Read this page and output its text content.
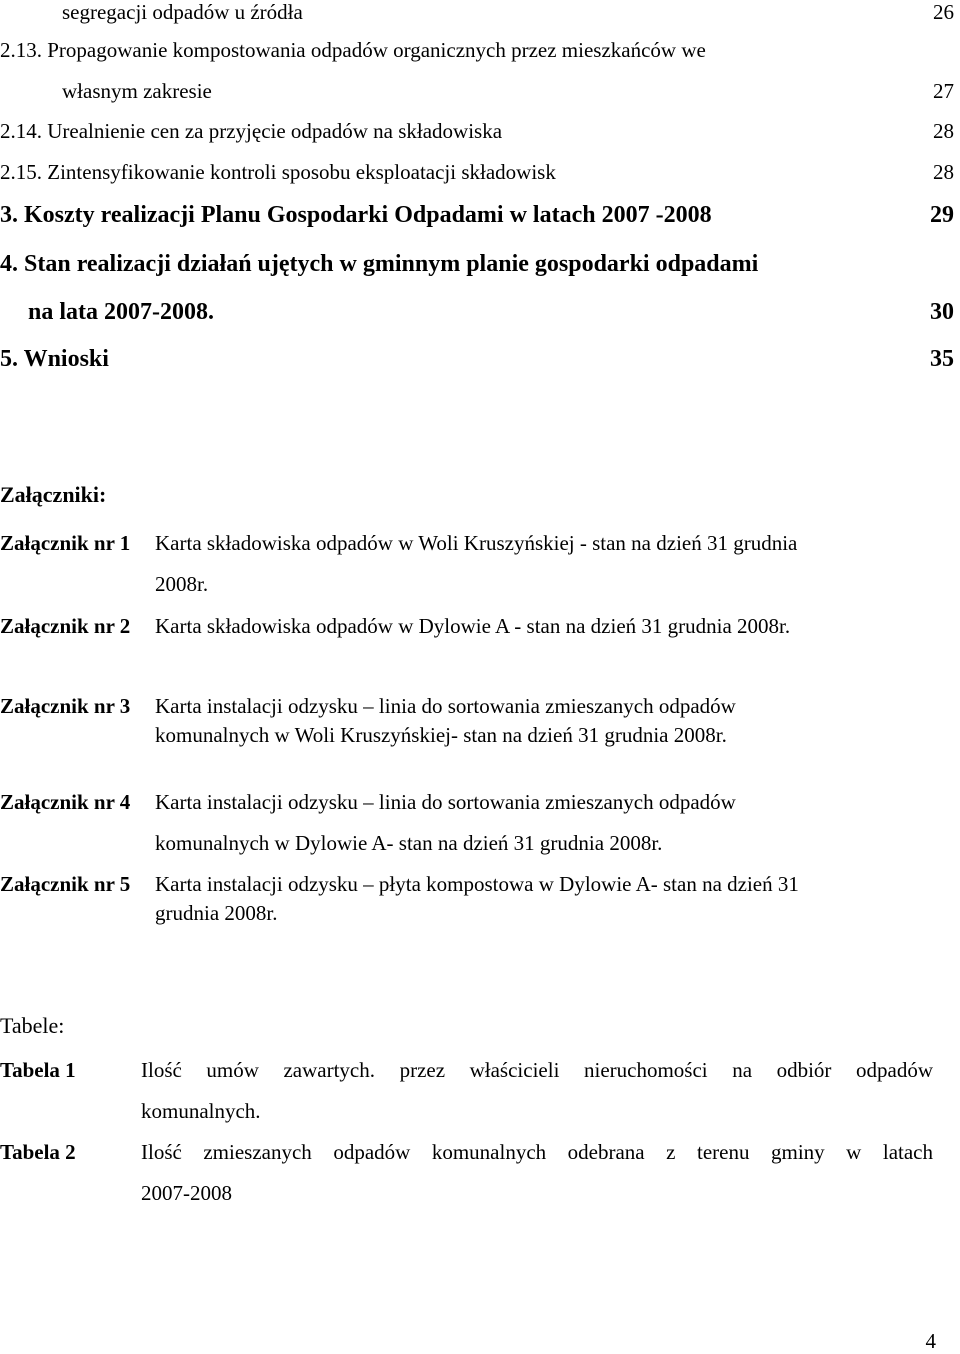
segregacji odpadów u źródła	26
2.13. Propagowanie kompostowania odpadów organicznych przez mieszkańców we
własnym zakresie	27
2.14. Urealnienie cen za przyjęcie odpadów na składowiska	28
2.15. Zintensyfikowanie kontroli sposobu eksploatacji składowisk	28
3. Koszty realizacji Planu Gospodarki Odpadami w latach 2007 -2008	29
4. Stan realizacji działań ujętych w gminnym planie gospodarki odpadami
na lata 2007-2008.	30
5. Wnioski	35
Załączniki:
Załącznik nr 1 Karta składowiska odpadów w Woli Kruszyńskiej - stan na dzień 31 grudnia
2008r.
Załącznik nr 2 Karta składowiska odpadów w Dylowie A - stan na dzień 31 grudnia 2008r.
Załącznik nr 3 Karta instalacji odzysku – linia do sortowania zmieszanych odpadów
komunalnych w Woli Kruszyńskiej- stan na dzień 31 grudnia 2008r.
Załącznik nr 4 Karta instalacji odzysku – linia do sortowania zmieszanych odpadów
komunalnych w Dylowie A- stan na dzień 31 grudnia 2008r.
Załącznik nr 5 Karta instalacji odzysku – płyta kompostowa w Dylowie A- stan na dzień 31
grudnia 2008r.
Tabele:
Tabela 1	Ilość umów zawartych. przez właścicieli nieruchomości na odbiór odpadów
komunalnych.
Tabela 2	Ilość zmieszanych odpadów komunalnych odebrana z terenu gminy w latach
2007-2008
4
